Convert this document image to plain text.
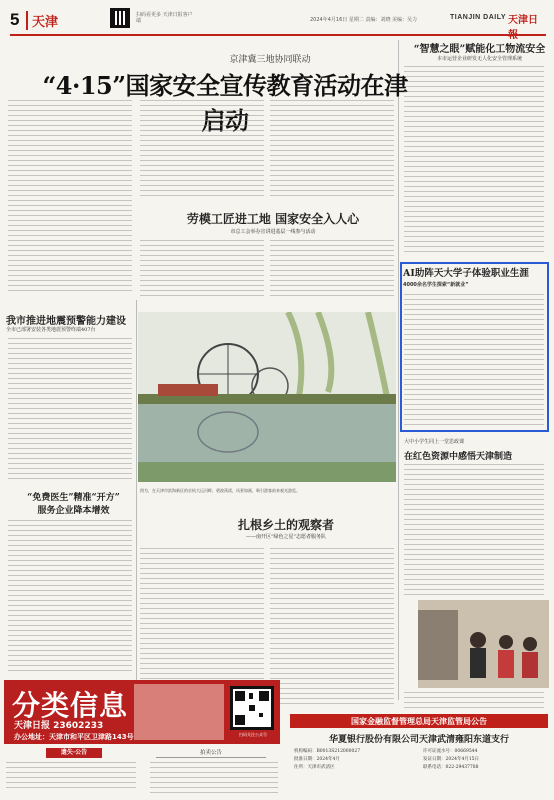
5 天津	扫码看更多 天津日报客户端	2024年4月16日 星期二 责编：刘晓 美编：吴力	TIANJIN DAILY 天津日報
京津冀三地协同联动
“4·15”国家安全宣传教育活动在津启动
劳模工匠进工地 国家安全入人心
市总工会举办宣讲进基层一线参与活动
“智慧之眼”赋能化工物流安全
本市运营企业研发无人化安全管理系统
AI助阵天大学子体验职业生涯
4000余名学生探索“新就业”
大中小学生同上一堂思政课
在红色资源中感悟天津制造
我市推进地震预警能力建设
全市已部署安装各类地震预警终端407台
“免费医生”精准“开方”
服务企业降本增效
图为，在天津市滨海新区的京杭大运河畔，碧波荡漾，风景如画，吸引游客前来观光游览。
扎根乡土的观察者
——南开区“绿色之星”志愿者服务队
分类信息
天津日报 23602233
办公地址：天津市和平区卫津路143号	扫码关注公众号
遗失·公告	拍卖公告
国家金融监督管理总局天津监管局公告
华夏银行股份有限公司天津武清雍阳东道支行
机构编码：B0013S212000027	许可证流水号：00669544
批准日期：2024年4月	发证日期：2024年4月15日
住所：天津市武清区	联系电话：022-29437788
